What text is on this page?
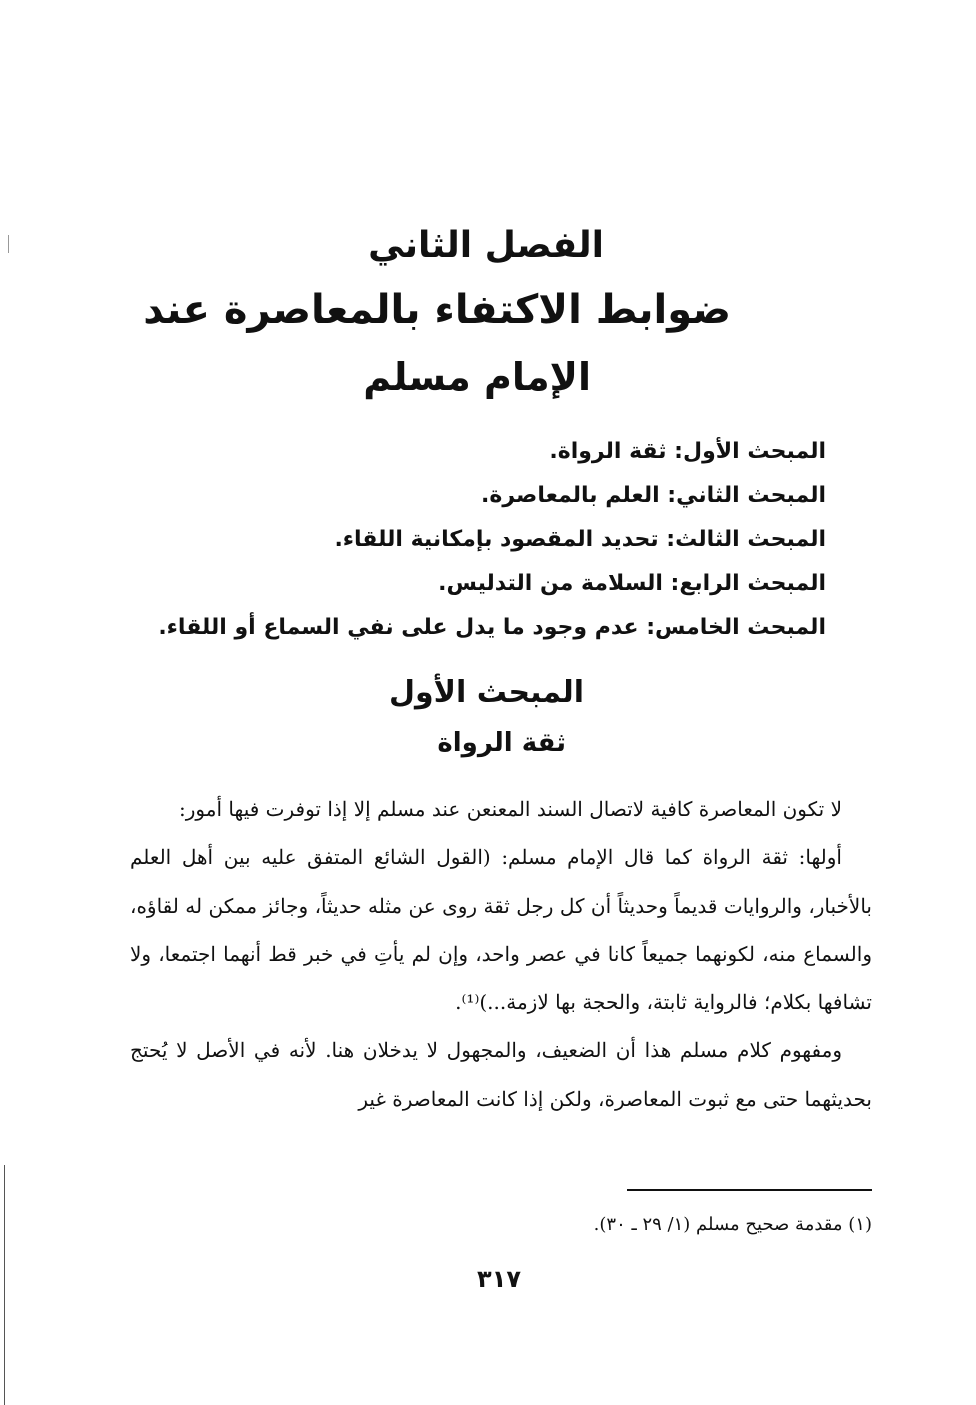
الفصل الثاني
ضوابط الاكتفاء بالمعاصرة عند
الإمام مسلم
المبحث الأول: ثقة الرواة.
المبحث الثاني: العلم بالمعاصرة.
المبحث الثالث: تحديد المقصود بإمكانية اللقاء.
المبحث الرابع: السلامة من التدليس.
المبحث الخامس: عدم وجود ما يدل على نفي السماع أو اللقاء.
المبحث الأول
ثقة الرواة

لا تكون المعاصرة كافية لاتصال السند المعنعن عند مسلم إلا إذا توفرت فيها أمور:

أولها: ثقة الرواة كما قال الإمام مسلم: (القول الشائع المتفق عليه بين أهل العلم بالأخبار، والروايات قديماً وحديثاً أن كل رجل ثقة روى عن مثله حديثاً، وجائز ممكن له لقاؤه، والسماع منه، لكونهما جميعاً كانا في عصر واحد، وإن لم يأتِ في خبر قط أنهما اجتمعا، ولا تشافها بكلام؛ فالرواية ثابتة، والحجة بها لازمة...)⁽¹⁾.

ومفهوم كلام مسلم هذا أن الضعيف، والمجهول لا يدخلان هنا. لأنه في الأصل لا يُحتج بحديثهما حتى مع ثبوت المعاصرة، ولكن إذا كانت المعاصرة غير

(١) مقدمة صحيح مسلم (١/ ٢٩ ـ ٣٠).
٣١٧
